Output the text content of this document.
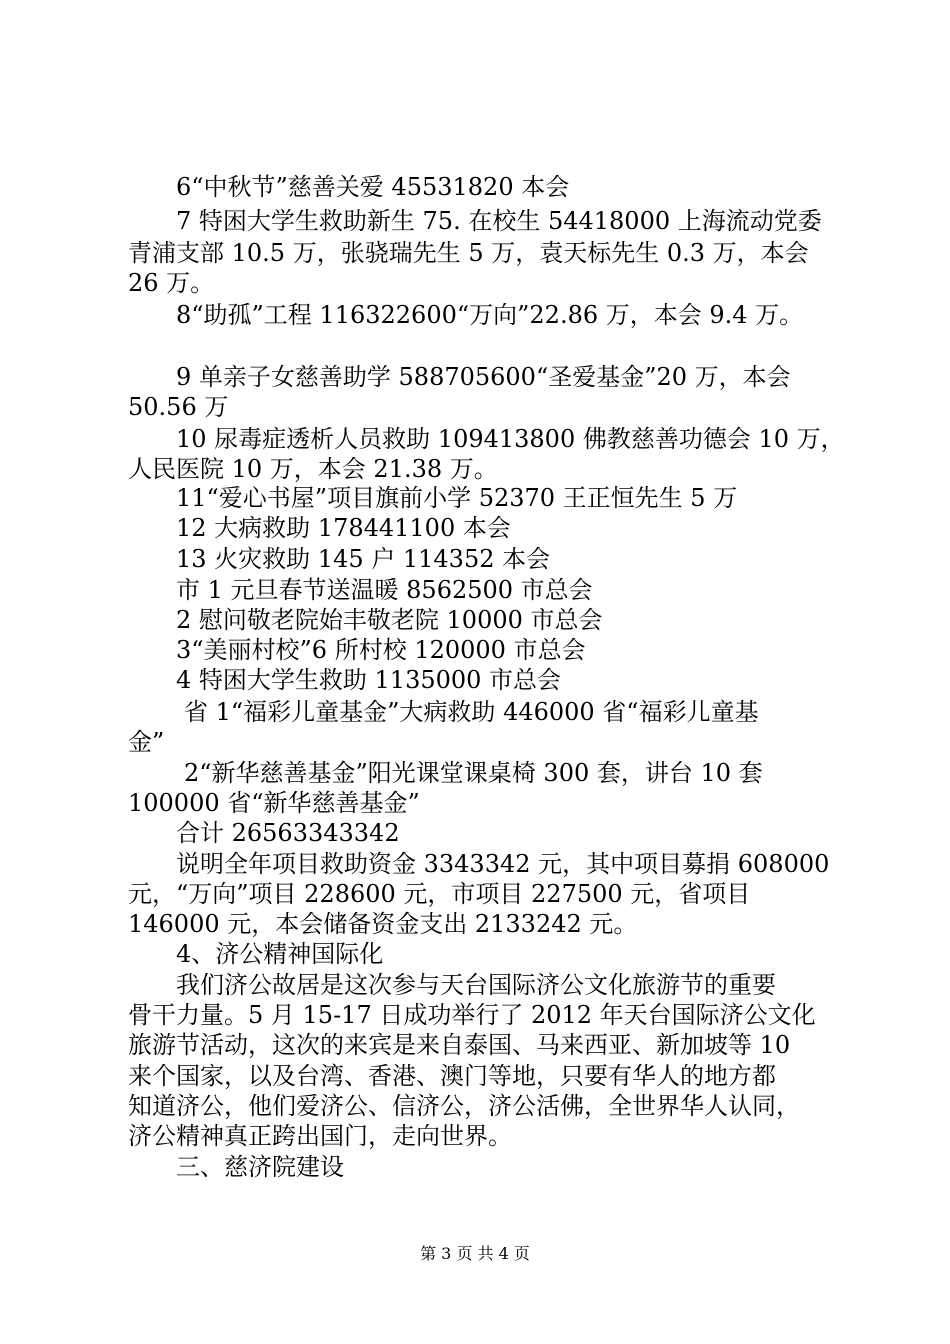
6“中秋节”慈善关爱 45531820 本会
7 特困大学生救助新生 75. 在校生 54418000 上海流动党委
青浦支部 10.5 万，张骁瑞先生 5 万，袁天标先生 0.3 万，本会
26 万。
8“助孤”工程 116322600“万向”22.86 万，本会 9.4 万。
9 单亲子女慈善助学 588705600“圣爱基金”20 万，本会
50.56 万
10 尿毒症透析人员救助 109413800 佛教慈善功德会 10 万，
人民医院 10 万，本会 21.38 万。
11“爱心书屋”项目旗前小学 52370 王正恒先生 5 万
12 大病救助 178441100 本会
13 火灾救助 145 户 114352 本会
市 1 元旦春节送温暖 8562500 市总会
2 慰问敬老院始丰敬老院 10000 市总会
3“美丽村校”6 所村校 120000 市总会
4 特困大学生救助 1135000 市总会
省 1“福彩儿童基金”大病救助 446000 省“福彩儿童基
金”
2“新华慈善基金”阳光课堂课桌椅 300 套，讲台 10 套
100000 省“新华慈善基金”
合计 26563343342
说明全年项目救助资金 3343342 元，其中项目募捐 608000
元，“万向”项目 228600 元，市项目 227500 元，省项目
146000 元，本会储备资金支出 2133242 元。
4、济公精神国际化
我们济公故居是这次参与天台国际济公文化旅游节的重要
骨干力量。5 月 15-17 日成功举行了 2012 年天台国际济公文化
旅游节活动，这次的来宾是来自泰国、马来西亚、新加坡等 10
来个国家，以及台湾、香港、澳门等地，只要有华人的地方都
知道济公，他们爱济公、信济公，济公活佛，全世界华人认同，
济公精神真正跨出国门，走向世界。
三、慈济院建设
第 3 页 共 4 页
